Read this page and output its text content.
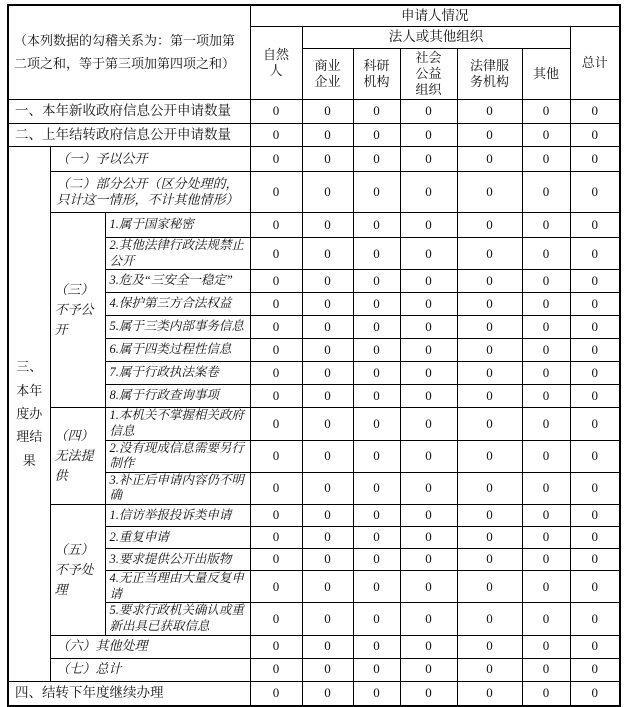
（本列数据的勾稽关系为：第一项加第二项之和，等于第三项加第四项之和）			申请人情况						
			自然人	法人或其他组织					总计
				商业企业	科研机构	社会公益组织	法律服务机构	其他	
一、本年新收政府信息公开申请数量			0	0	0	0	0	0	0
二、上年结转政府信息公开申请数量			0	0	0	0	0	0	0
三、本年度办理结果	（一）予以公开		0	0	0	0	0	0	0
	（二）部分公开（区分处理的，只计这一情形，不计其他情形）		0	0	0	0	0	0	0
	（三）不予公开	1.属于国家秘密	0	0	0	0	0	0	0
		2.其他法律行政法规禁止公开	0	0	0	0	0	0	0
		3.危及“三安全一稳定”	0	0	0	0	0	0	0
		4.保护第三方合法权益	0	0	0	0	0	0	0
		5.属于三类内部事务信息	0	0	0	0	0	0	0
		6.属于四类过程性信息	0	0	0	0	0	0	0
		7.属于行政执法案卷	0	0	0	0	0	0	0
		8.属于行政查询事项	0	0	0	0	0	0	0
	（四）无法提供	1.本机关不掌握相关政府信息	0	0	0	0	0	0	0
		2.没有现成信息需要另行制作	0	0	0	0	0	0	0
		3.补正后申请内容仍不明确	0	0	0	0	0	0	0
	（五）不予处理	1.信访举报投诉类申请	0	0	0	0	0	0	0
		2.重复申请	0	0	0	0	0	0	0
		3.要求提供公开出版物	0	0	0	0	0	0	0
		4.无正当理由大量反复申请	0	0	0	0	0	0	0
		5.要求行政机关确认或重新出具已获取信息	0	0	0	0	0	0	0
	（六）其他处理		0	0	0	0	0	0	0
	（七）总计		0	0	0	0	0	0	0
四、结转下年度继续办理			0	0	0	0	0	0	0
